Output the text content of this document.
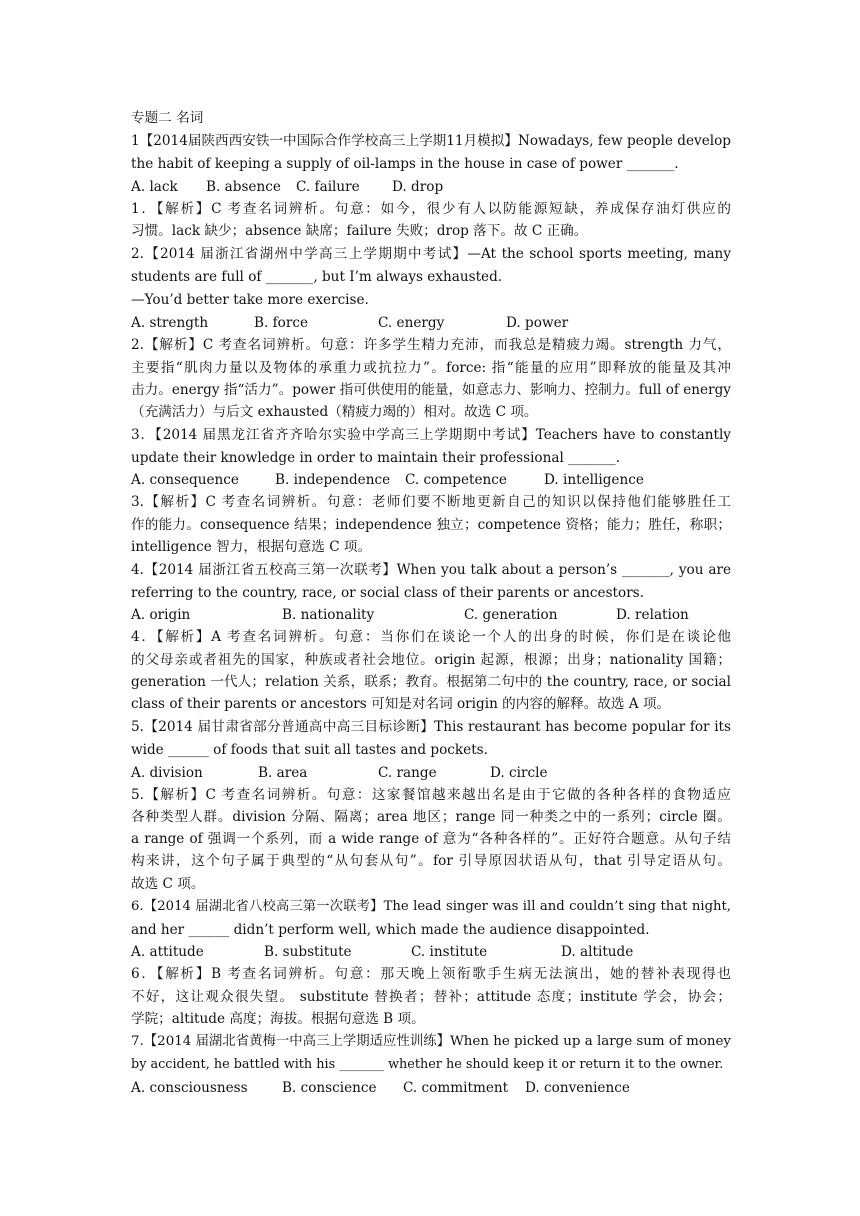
专题二 名词
1【2014届陕西西安铁一中国际合作学校高三上学期11月模拟】Nowadays, few people develop
the habit of keeping a supply of oil-lamps in the house in case of power _______.
A. lack B. absence C. failure D. drop
1．【解析】C 考查名词辨析。句意：如今，很少有人以防能源短缺，养成保存油灯供应的
习惯。lack 缺少；absence 缺席；failure 失败；drop 落下。故 C 正确。
2.【2014 届浙江省湖州中学高三上学期期中考试】—At the school sports meeting, many
students are full of _______, but I’m always exhausted.
—You’d better take more exercise.
A. strength	B. force	C. energy	D. power
2.【解析】C 考查名词辨析。句意：许多学生精力充沛，而我总是精疲力竭。strength 力气，
主要指“肌肉力量以及物体的承重力或抗拉力”。force: 指“能量的应用”即释放的能量及其冲
击力。energy 指“活力”。power 指可供使用的能量，如意志力、影响力、控制力。full of energy
（充满活力）与后文 exhausted（精疲力竭的）相对。故选 C 项。
3．【2014 届黑龙江省齐齐哈尔实验中学高三上学期期中考试】Teachers have to constantly
update their knowledge in order to maintain their professional _______.
A. consequence	B. independence C. competence	D. intelligence
3.【解析】C 考查名词辨析。句意：老师们要不断地更新自己的知识以保持他们能够胜任工
作的能力。consequence 结果；independence 独立；competence 资格；能力；胜任，称职；
intelligence 智力，根据句意选 C 项。
4.【2014 届浙江省五校高三第一次联考】When you talk about a person’s _______, you are
referring to the country, race, or social class of their parents or ancestors.
A. origin	B. nationality	C. generation	D. relation
4．【解析】A 考查名词辨析。句意：当你们在谈论一个人的出身的时候，你们是在谈论他
的父母亲或者祖先的国家，种族或者社会地位。origin 起源，根源；出身；nationality 国籍；
generation 一代人；relation 关系，联系；教育。根据第二句中的 the country, race, or social
class of their parents or ancestors 可知是对名词 origin 的内容的解释。故选 A 项。
5.【2014 届甘肃省部分普通高中高三目标诊断】This restaurant has become popular for its
wide ______ of foods that suit all tastes and pockets.
A. division	B. area	C. range	D. circle
5.【解析】C 考查名词辨析。句意：这家餐馆越来越出名是由于它做的各种各样的食物适应
各种类型人群。division 分隔、隔离；area 地区；range 同一种类之中的一系列；circle 圈。
a range of 强调一个系列，而 a wide range of 意为“各种各样的”。正好符合题意。从句子结
构来讲，这个句子属于典型的“从句套从句”。for 引导原因状语从句，that 引导定语从句。
故选 C 项。
6.【2014 届湖北省八校高三第一次联考】The lead singer was ill and couldn’t sing that night,
and her ______ didn’t perform well, which made the audience disappointed.
A. attitude	B. substitute	C. institute	D. altitude
6．【解析】B 考查名词辨析。句意：那天晚上领衔歌手生病无法演出，她的替补表现得也
不好，这让观众很失望。 substitute 替换者；替补；attitude 态度；institute 学会，协会；
学院；altitude 高度；海拔。根据句意选 B 项。
7.【2014 届湖北省黄梅一中高三上学期适应性训练】When he picked up a large sum of money
by accident, he battled with his _______ whether he should keep it or return it to the owner.
A. consciousness	B. conscience C. commitment D. convenience
